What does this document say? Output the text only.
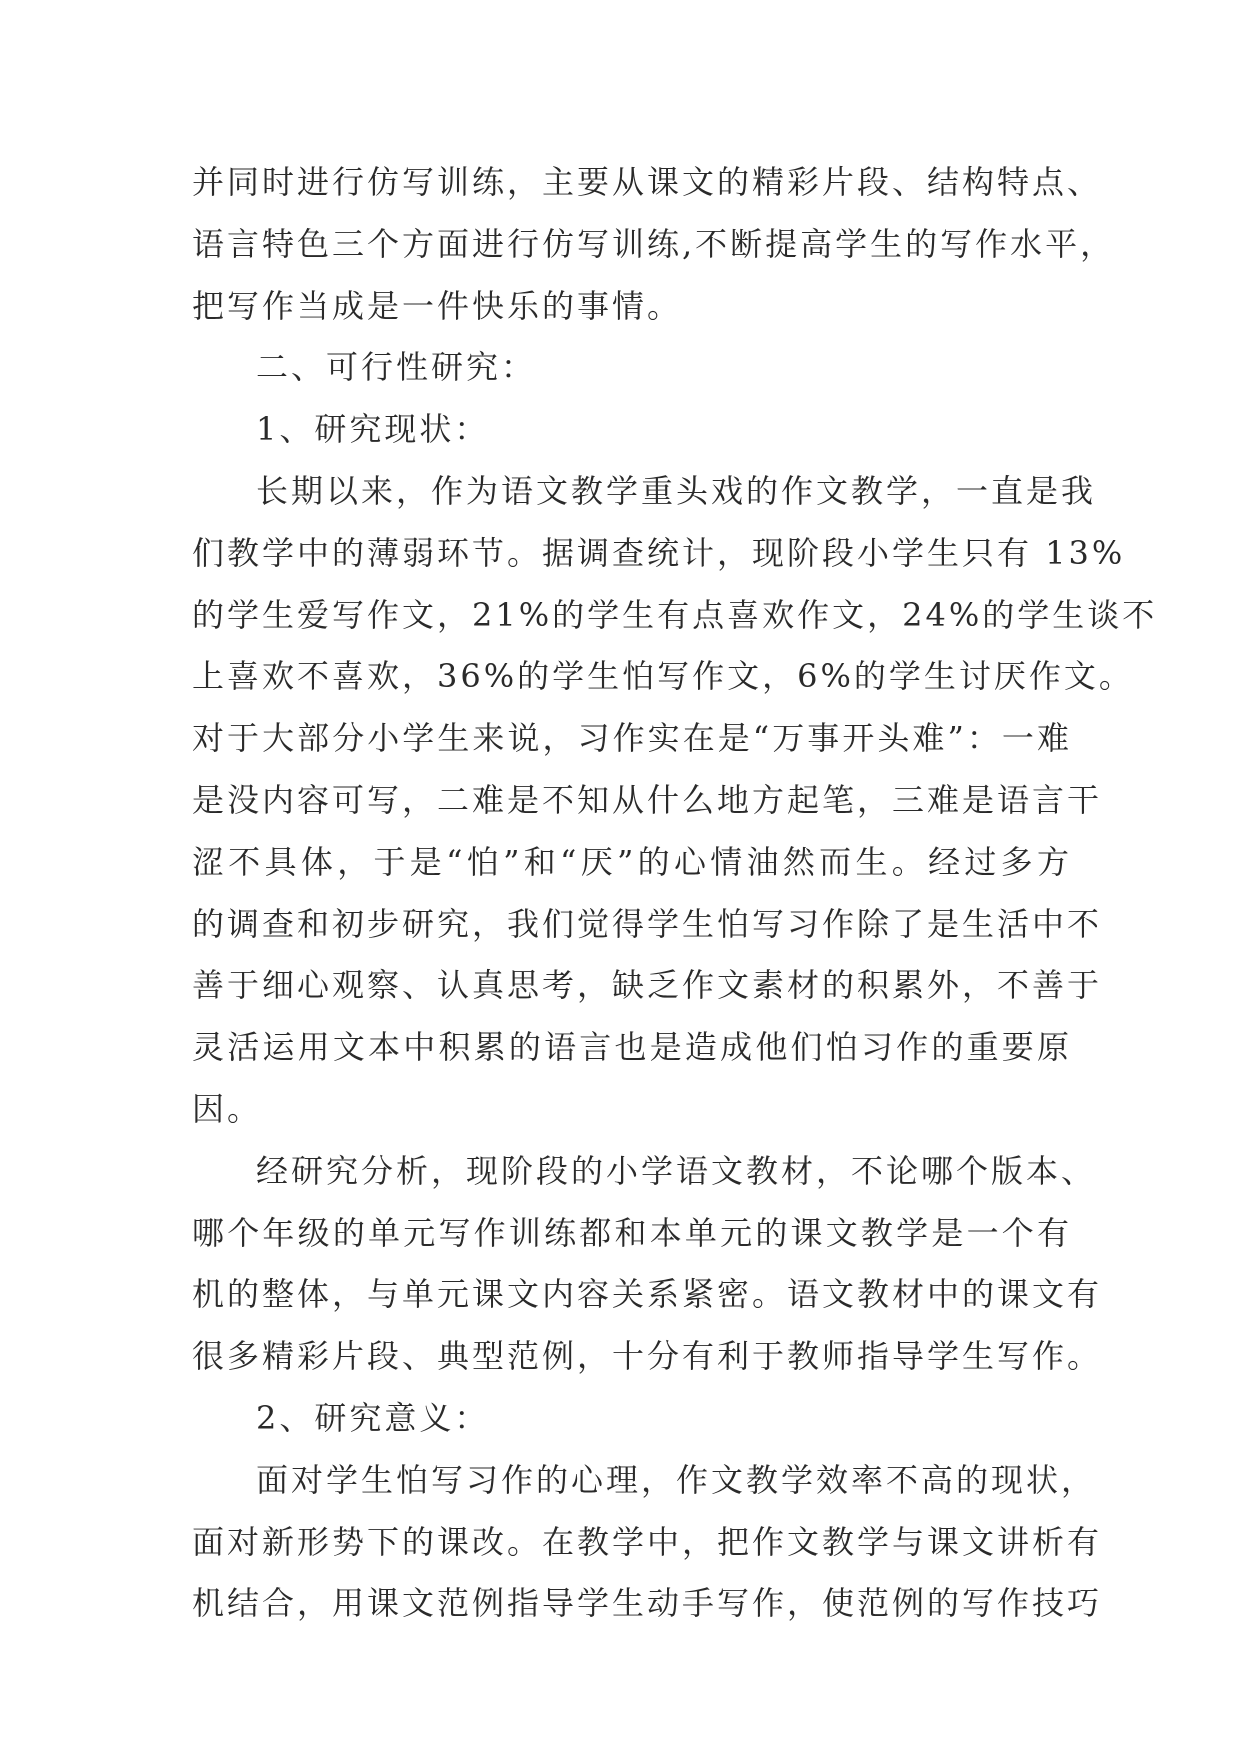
并同时进行仿写训练，主要从课文的精彩片段、结构特点、
语言特色三个方面进行仿写训练,不断提高学生的写作水平，
把写作当成是一件快乐的事情。
二、可行性研究：
1、研究现状：
长期以来，作为语文教学重头戏的作文教学，一直是我
们教学中的薄弱环节。据调查统计，现阶段小学生只有 13%
的学生爱写作文，21%的学生有点喜欢作文，24%的学生谈不
上喜欢不喜欢，36%的学生怕写作文，6%的学生讨厌作文。
对于大部分小学生来说，习作实在是“万事开头难”：一难
是没内容可写，二难是不知从什么地方起笔，三难是语言干
涩不具体，于是“怕”和“厌”的心情油然而生。经过多方
的调查和初步研究，我们觉得学生怕写习作除了是生活中不
善于细心观察、认真思考，缺乏作文素材的积累外，不善于
灵活运用文本中积累的语言也是造成他们怕习作的重要原
因。
经研究分析，现阶段的小学语文教材，不论哪个版本、
哪个年级的单元写作训练都和本单元的课文教学是一个有
机的整体，与单元课文内容关系紧密。语文教材中的课文有
很多精彩片段、典型范例，十分有利于教师指导学生写作。
2、研究意义：
面对学生怕写习作的心理，作文教学效率不高的现状，
面对新形势下的课改。在教学中，把作文教学与课文讲析有
机结合，用课文范例指导学生动手写作，使范例的写作技巧
